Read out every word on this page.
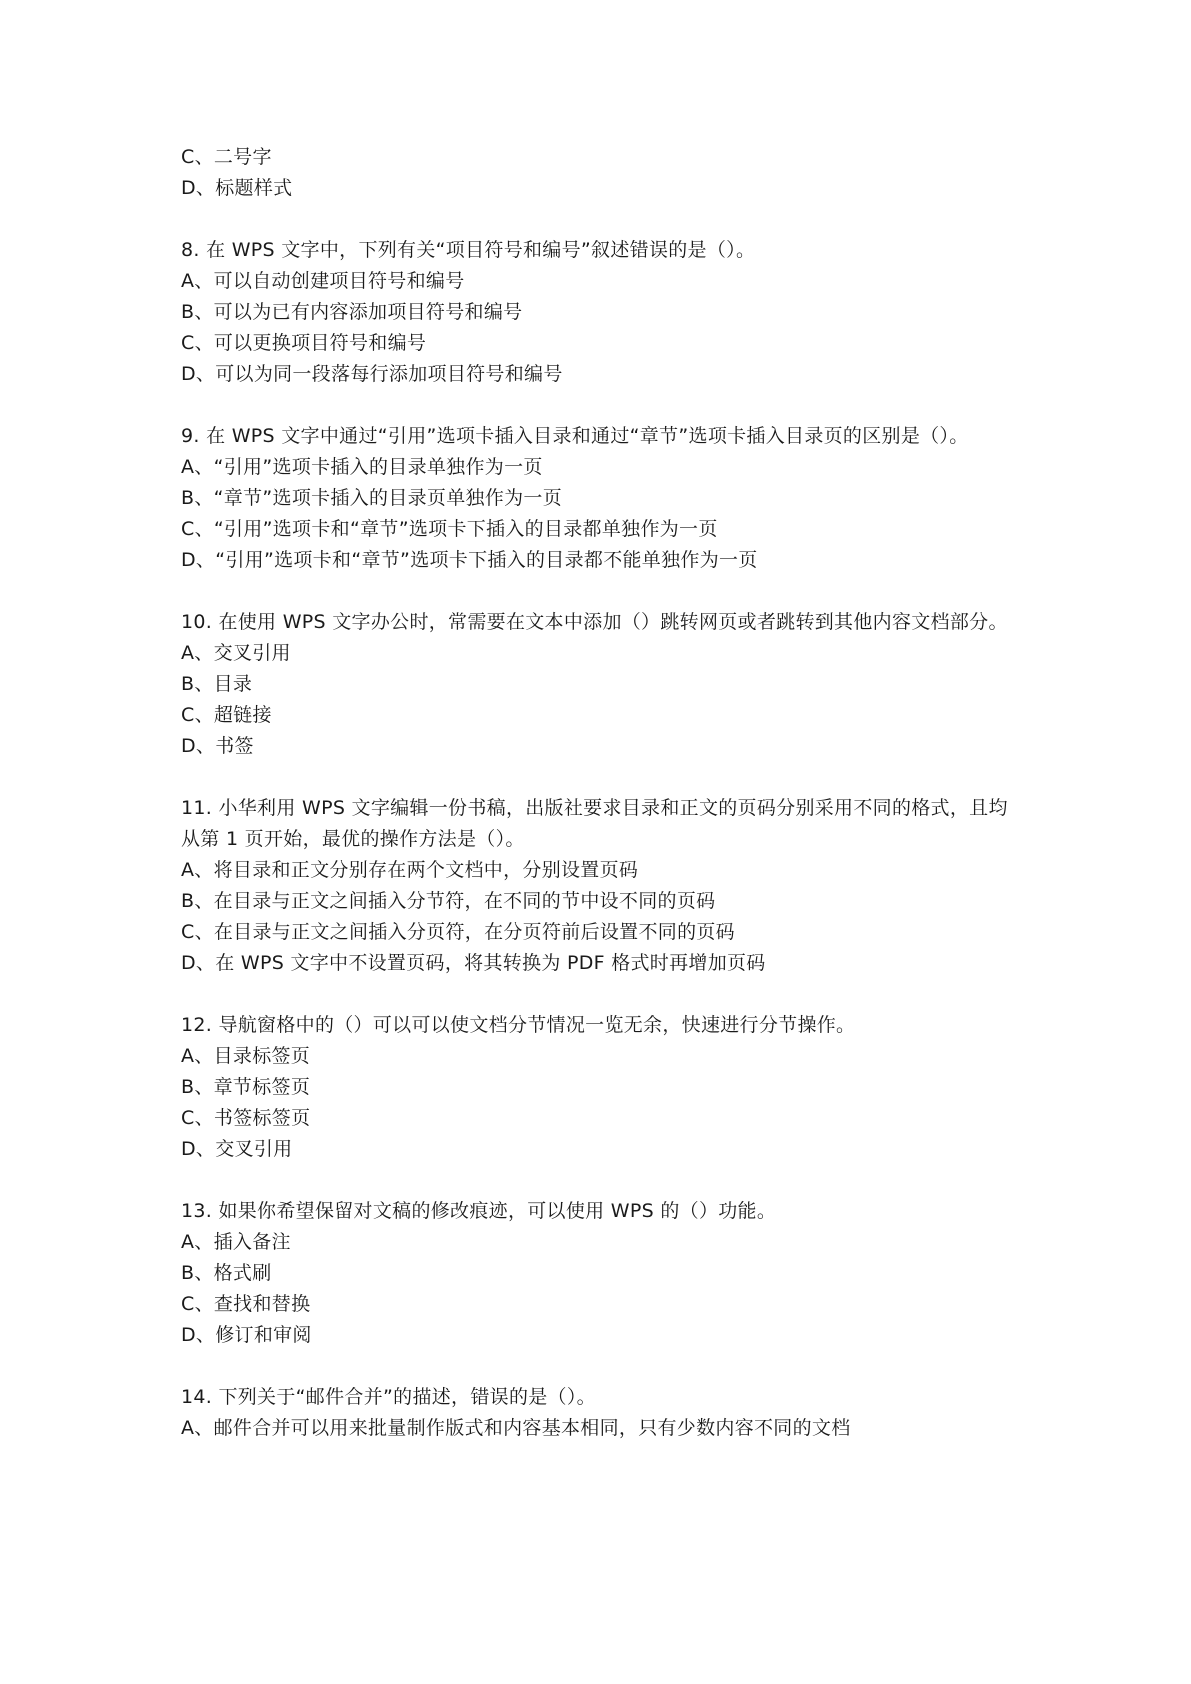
C、二号字
D、标题样式
8. 在 WPS 文字中，下列有关“项目符号和编号”叙述错误的是（）。
A、可以自动创建项目符号和编号
B、可以为已有内容添加项目符号和编号
C、可以更换项目符号和编号
D、可以为同一段落每行添加项目符号和编号
9. 在 WPS 文字中通过“引用”选项卡插入目录和通过“章节”选项卡插入目录页的区别是（）。
A、“引用”选项卡插入的目录单独作为一页
B、“章节”选项卡插入的目录页单独作为一页
C、“引用”选项卡和“章节”选项卡下插入的目录都单独作为一页
D、“引用”选项卡和“章节”选项卡下插入的目录都不能单独作为一页
10. 在使用 WPS 文字办公时，常需要在文本中添加（）跳转网页或者跳转到其他内容文档部分。
A、交叉引用
B、目录
C、超链接
D、书签
11. 小华利用 WPS 文字编辑一份书稿，出版社要求目录和正文的页码分别采用不同的格式，且均从第 1 页开始，最优的操作方法是（）。
A、将目录和正文分别存在两个文档中，分别设置页码
B、在目录与正文之间插入分节符，在不同的节中设不同的页码
C、在目录与正文之间插入分页符，在分页符前后设置不同的页码
D、在 WPS 文字中不设置页码，将其转换为 PDF 格式时再增加页码
12. 导航窗格中的（）可以可以使文档分节情况一览无余，快速进行分节操作。
A、目录标签页
B、章节标签页
C、书签标签页
D、交叉引用
13. 如果你希望保留对文稿的修改痕迹，可以使用 WPS 的（）功能。
A、插入备注
B、格式刷
C、查找和替换
D、修订和审阅
14. 下列关于“邮件合并”的描述，错误的是（）。
A、邮件合并可以用来批量制作版式和内容基本相同，只有少数内容不同的文档
